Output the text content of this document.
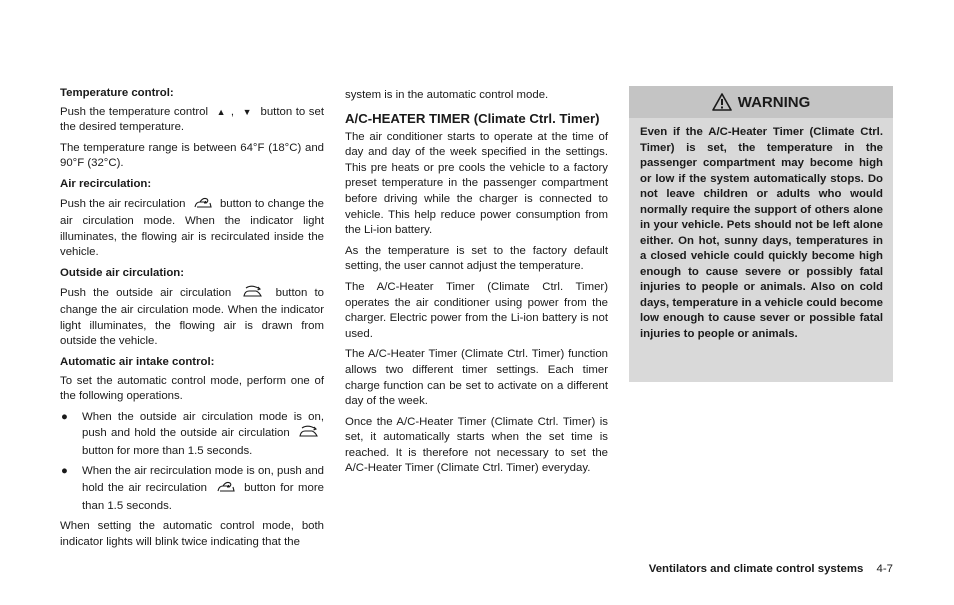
Temperature control:
Push the temperature control ▲ , ▼ button to set the desired temperature.
The temperature range is between 64°F (18°C) and 90°F (32°C).
Air recirculation:
Push the air recirculation	button to change the air circulation mode. When the indicator light illuminates, the flowing air is recirculated inside the vehicle.
Outside air circulation:
Push the outside air circulation	button to change the air circulation mode. When the indicator light illuminates, the flowing air is drawn from outside the vehicle.
Automatic air intake control:
To set the automatic control mode, perform one of the following operations.
● When the outside air circulation mode is on, push and hold the outside air circulation  button for more than 1.5 seconds.
● When the air recirculation mode is on, push and hold the air recirculation	button for more than 1.5 seconds.
When setting the automatic control mode, both indicator lights will blink twice indicating that the
system is in the automatic control mode.
A/C-HEATER TIMER (Climate Ctrl. Timer)
The air conditioner starts to operate at the time of day and day of the week specified in the settings. This pre heats or pre cools the vehicle to a factory preset temperature in the passenger compartment before driving while the charger is connected to vehicle. This help reduce power consumption from the Li-ion battery.
As the temperature is set to the factory default setting, the user cannot adjust the temperature.
The A/C-Heater Timer (Climate Ctrl. Timer) operates the air conditioner using power from the charger. Electric power from the Li-ion battery is not used.
The A/C-Heater Timer (Climate Ctrl. Timer) function allows two different timer settings. Each timer charge function can be set to activate on a different day of the week.
Once the A/C-Heater Timer (Climate Ctrl. Timer) is set, it automatically starts when the set time is reached. It is therefore not necessary to set the A/C-Heater Timer (Climate Ctrl. Timer) everyday.
WARNING
Even if the A/C-Heater Timer (Climate Ctrl. Timer) is set, the temperature in the passenger compartment may become high or low if the system automatically stops. Do not leave children or adults who would normally require the support of others alone in your vehicle. Pets should not be left alone either. On hot, sunny days, temperatures in a closed vehicle could quickly become high enough to cause severe or possibly fatal injuries to people or animals. Also on cold days, temperature in a vehicle could become low enough to cause sever or possible fatal injuries to people or animals.
Ventilators and climate control systems 4-7
